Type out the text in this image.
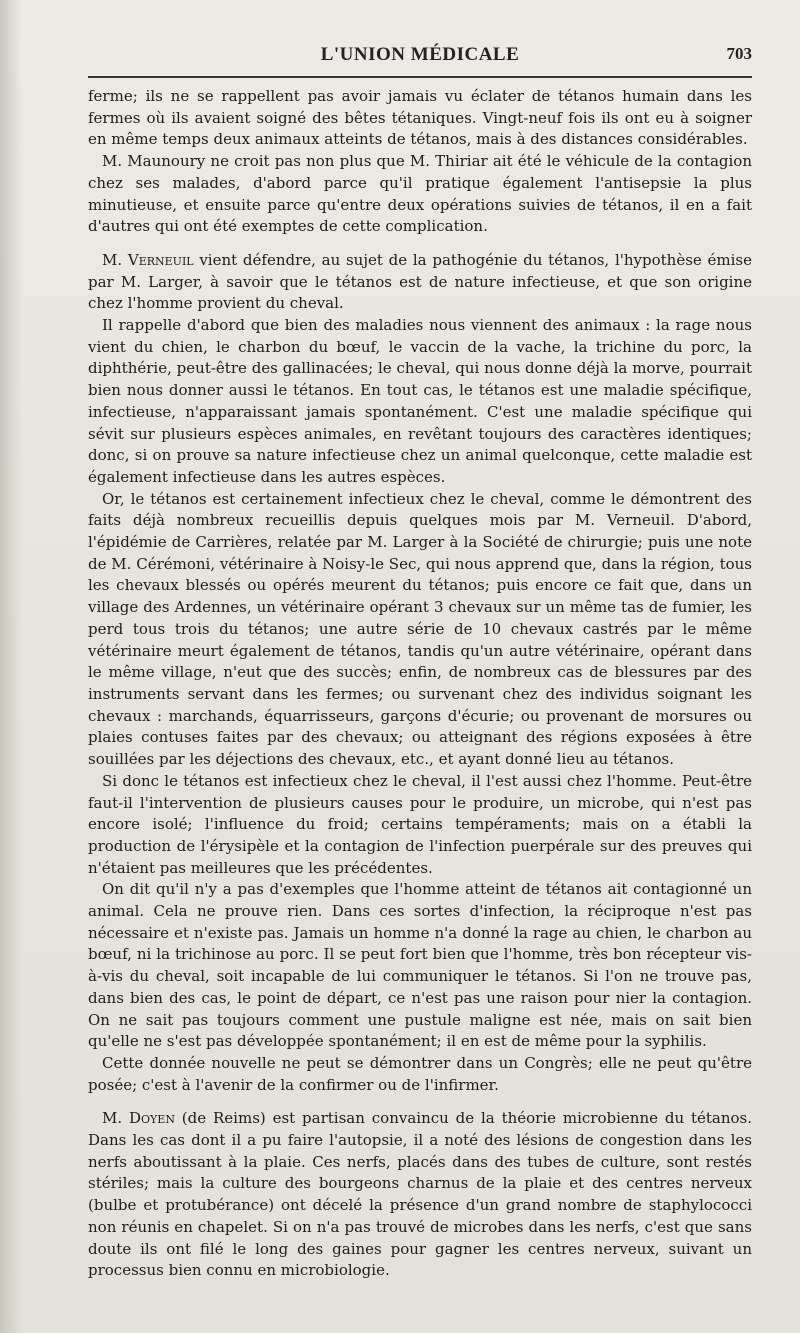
L'UNION MÉDICALE	703

ferme; ils ne se rappellent pas avoir jamais vu éclater de tétanos humain dans les fermes où ils avaient soigné des bêtes tétaniques. Vingt-neuf fois ils ont eu à soigner en même temps deux animaux atteints de tétanos, mais à des distances considérables.

M. Maunoury ne croit pas non plus que M. Thiriar ait été le véhicule de la contagion chez ses malades, d'abord parce qu'il pratique également l'antisepsie la plus minutieuse, et ensuite parce qu'entre deux opérations suivies de tétanos, il en a fait d'autres qui ont été exemptes de cette complication.

M. Verneuil vient défendre, au sujet de la pathogénie du tétanos, l'hypothèse émise par M. Larger, à savoir que le tétanos est de nature infectieuse, et que son origine chez l'homme provient du cheval.

Il rappelle d'abord que bien des maladies nous viennent des animaux : la rage nous vient du chien, le charbon du bœuf, le vaccin de la vache, la trichine du porc, la diphthérie, peut-être des gallinacées; le cheval, qui nous donne déjà la morve, pourrait bien nous donner aussi le tétanos. En tout cas, le tétanos est une maladie spécifique, infectieuse, n'apparaissant jamais spontanément. C'est une maladie spécifique qui sévit sur plusieurs espèces animales, en revêtant toujours des caractères identiques; donc, si on prouve sa nature infectieuse chez un animal quelconque, cette maladie est également infectieuse dans les autres espèces.

Or, le tétanos est certainement infectieux chez le cheval, comme le démontrent des faits déjà nombreux recueillis depuis quelques mois par M. Verneuil. D'abord, l'épidémie de Carrières, relatée par M. Larger à la Société de chirurgie; puis une note de M. Cérémoni, vétérinaire à Noisy-le Sec, qui nous apprend que, dans la région, tous les chevaux blessés ou opérés meurent du tétanos; puis encore ce fait que, dans un village des Ardennes, un vétérinaire opérant 3 chevaux sur un même tas de fumier, les perd tous trois du tétanos; une autre série de 10 chevaux castrés par le même vétérinaire meurt également de tétanos, tandis qu'un autre vétérinaire, opérant dans le même village, n'eut que des succès; enfin, de nombreux cas de blessures par des instruments servant dans les fermes; ou survenant chez des individus soignant les chevaux : marchands, équarrisseurs, garçons d'écurie; ou provenant de morsures ou plaies contuses faites par des chevaux; ou atteignant des régions exposées à être souillées par les déjections des chevaux, etc., et ayant donné lieu au tétanos.

Si donc le tétanos est infectieux chez le cheval, il l'est aussi chez l'homme. Peut-être faut-il l'intervention de plusieurs causes pour le produire, un microbe, qui n'est pas encore isolé; l'influence du froid; certains tempéraments; mais on a établi la production de l'érysipèle et la contagion de l'infection puerpérale sur des preuves qui n'étaient pas meilleures que les précédentes.

On dit qu'il n'y a pas d'exemples que l'homme atteint de tétanos ait contagionné un animal. Cela ne prouve rien. Dans ces sortes d'infection, la réciproque n'est pas nécessaire et n'existe pas. Jamais un homme n'a donné la rage au chien, le charbon au bœuf, ni la trichinose au porc. Il se peut fort bien que l'homme, très bon récepteur vis-à-vis du cheval, soit incapable de lui communiquer le tétanos. Si l'on ne trouve pas, dans bien des cas, le point de départ, ce n'est pas une raison pour nier la contagion. On ne sait pas toujours comment une pustule maligne est née, mais on sait bien qu'elle ne s'est pas développée spontanément; il en est de même pour la syphilis.

Cette donnée nouvelle ne peut se démontrer dans un Congrès; elle ne peut qu'être posée; c'est à l'avenir de la confirmer ou de l'infirmer.

M. Doyen (de Reims) est partisan convaincu de la théorie microbienne du tétanos. Dans les cas dont il a pu faire l'autopsie, il a noté des lésions de congestion dans les nerfs aboutissant à la plaie. Ces nerfs, placés dans des tubes de culture, sont restés stériles; mais la culture des bourgeons charnus de la plaie et des centres nerveux (bulbe et protubérance) ont décelé la présence d'un grand nombre de staphylococci non réunis en chapelet. Si on n'a pas trouvé de microbes dans les nerfs, c'est que sans doute ils ont filé le long des gaines pour gagner les centres nerveux, suivant un processus bien connu en microbiologie.
